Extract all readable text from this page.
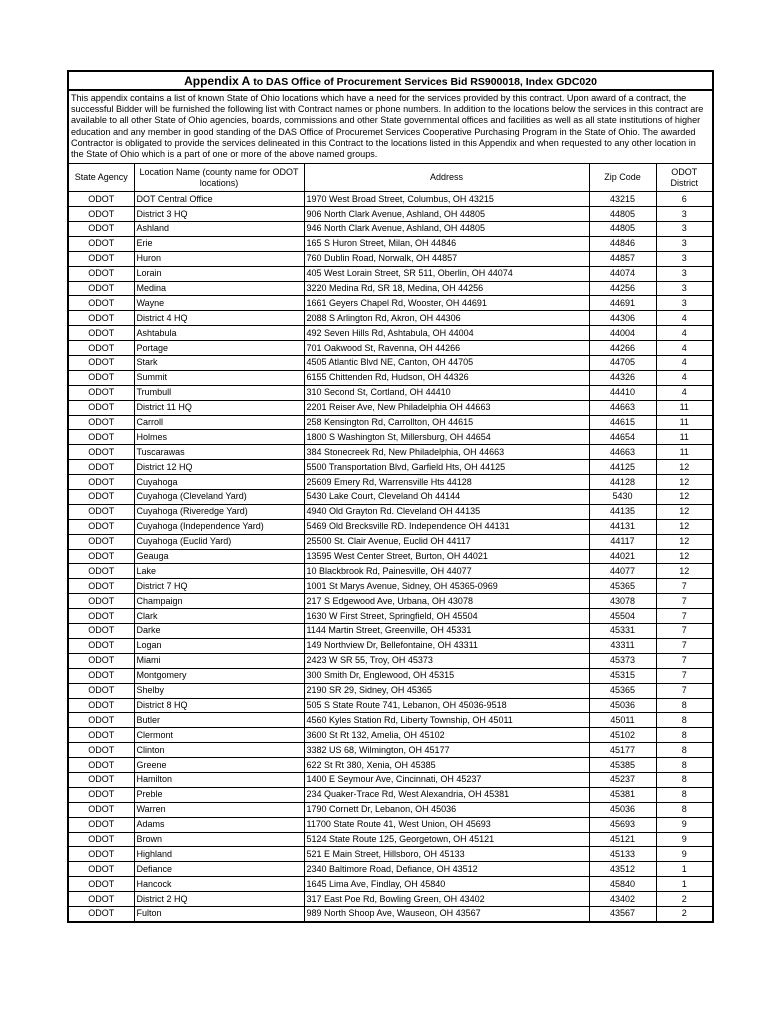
Appendix A to DAS Office of Procurement Services Bid RS900018, Index GDC020				
This appendix contains a list of known State of Ohio locations which have a need for the services provided by this contract. Upon award of a contract, the successful Bidder will be furnished the following list with Contract names or phone numbers. In addition to the locations below the services in this contract are available to all other State of Ohio agencies, boards, commissions and other State governmental offices and facilities as well as all state institutions of higher education and any member in good standing of the DAS Office of Procuremet Services Cooperative Purchasing Program in the State of Ohio. The awarded Contractor is obligated to provide the services delineated in this Contract to the locations listed in this Appendix and when requested to any other location in the State of Ohio which is a part of one or more of the above named groups.				
State Agency	Location Name (county name for ODOT locations)	Address	Zip Code	ODOT District
ODOT	DOT Central Office	1970 West Broad Street, Columbus, OH 43215	43215	6
ODOT	District 3 HQ	906 North Clark Avenue, Ashland, OH 44805	44805	3
ODOT	Ashland	946 North Clark Avenue, Ashland, OH 44805	44805	3
ODOT	Erie	165 S Huron Street, Milan, OH 44846	44846	3
ODOT	Huron	760 Dublin Road, Norwalk, OH 44857	44857	3
ODOT	Lorain	405 West Lorain Street, SR 511, Oberlin, OH 44074	44074	3
ODOT	Medina	3220 Medina Rd, SR 18, Medina, OH 44256	44256	3
ODOT	Wayne	1661 Geyers Chapel Rd, Wooster, OH 44691	44691	3
ODOT	District 4 HQ	2088 S Arlington Rd, Akron, OH 44306	44306	4
ODOT	Ashtabula	492 Seven Hills Rd, Ashtabula, OH 44004	44004	4
ODOT	Portage	701 Oakwood St, Ravenna, OH 44266	44266	4
ODOT	Stark	4505 Atlantic Blvd NE, Canton, OH 44705	44705	4
ODOT	Summit	6155 Chittenden Rd, Hudson, OH 44326	44326	4
ODOT	Trumbull	310 Second St, Cortland, OH 44410	44410	4
ODOT	District 11 HQ	2201 Reiser Ave, New Philadelphia OH 44663	44663	11
ODOT	Carroll	258 Kensington Rd, Carrollton, OH 44615	44615	11
ODOT	Holmes	1800 S Washington St, Millersburg, OH 44654	44654	11
ODOT	Tuscarawas	384 Stonecreek Rd, New Philadelphia, OH 44663	44663	11
ODOT	District 12 HQ	5500 Transportation Blvd, Garfield Hts, OH 44125	44125	12
ODOT	Cuyahoga	25609 Emery Rd, Warrensville Hts 44128	44128	12
ODOT	Cuyahoga (Cleveland Yard)	5430 Lake Court, Cleveland Oh 44144	5430	12
ODOT	Cuyahoga (Riveredge Yard)	4940 Old Grayton Rd. Cleveland OH 44135	44135	12
ODOT	Cuyahoga (Independence Yard)	5469 Old Brecksville RD. Independence OH 44131	44131	12
ODOT	Cuyahoga (Euclid Yard)	25500 St. Clair Avenue, Euclid OH 44117	44117	12
ODOT	Geauga	13595 West Center Street, Burton, OH 44021	44021	12
ODOT	Lake	10 Blackbrook Rd, Painesville, OH 44077	44077	12
ODOT	District 7 HQ	1001 St Marys Avenue, Sidney, OH 45365-0969	45365	7
ODOT	Champaign	217 S Edgewood Ave, Urbana, OH 43078	43078	7
ODOT	Clark	1630 W First Street, Springfield, OH 45504	45504	7
ODOT	Darke	1144 Martin Street, Greenville, OH 45331	45331	7
ODOT	Logan	149 Northview Dr, Bellefontaine, OH 43311	43311	7
ODOT	Miami	2423 W SR 55, Troy, OH 45373	45373	7
ODOT	Montgomery	300 Smith Dr, Englewood, OH 45315	45315	7
ODOT	Shelby	2190 SR 29, Sidney, OH 45365	45365	7
ODOT	District 8 HQ	505 S State Route 741, Lebanon, OH 45036-9518	45036	8
ODOT	Butler	4560 Kyles Station Rd, Liberty Township, OH 45011	45011	8
ODOT	Clermont	3600 St Rt 132, Amelia, OH 45102	45102	8
ODOT	Clinton	3382 US 68, Wilmington, OH 45177	45177	8
ODOT	Greene	622 St Rt 380, Xenia, OH 45385	45385	8
ODOT	Hamilton	1400 E Seymour Ave, Cincinnati, OH 45237	45237	8
ODOT	Preble	234 Quaker-Trace Rd, West Alexandria, OH 45381	45381	8
ODOT	Warren	1790 Cornett Dr, Lebanon, OH 45036	45036	8
ODOT	Adams	11700 State Route 41, West Union, OH 45693	45693	9
ODOT	Brown	5124 State Route 125, Georgetown, OH 45121	45121	9
ODOT	Highland	521 E Main Street, Hillsboro, OH 45133	45133	9
ODOT	Defiance	2340 Baltimore Road, Defiance, OH 43512	43512	1
ODOT	Hancock	1645 Lima Ave, Findlay, OH 45840	45840	1
ODOT	District 2 HQ	317 East Poe Rd, Bowling Green, OH 43402	43402	2
ODOT	Fulton	989 North Shoop Ave, Wauseon, OH 43567	43567	2
